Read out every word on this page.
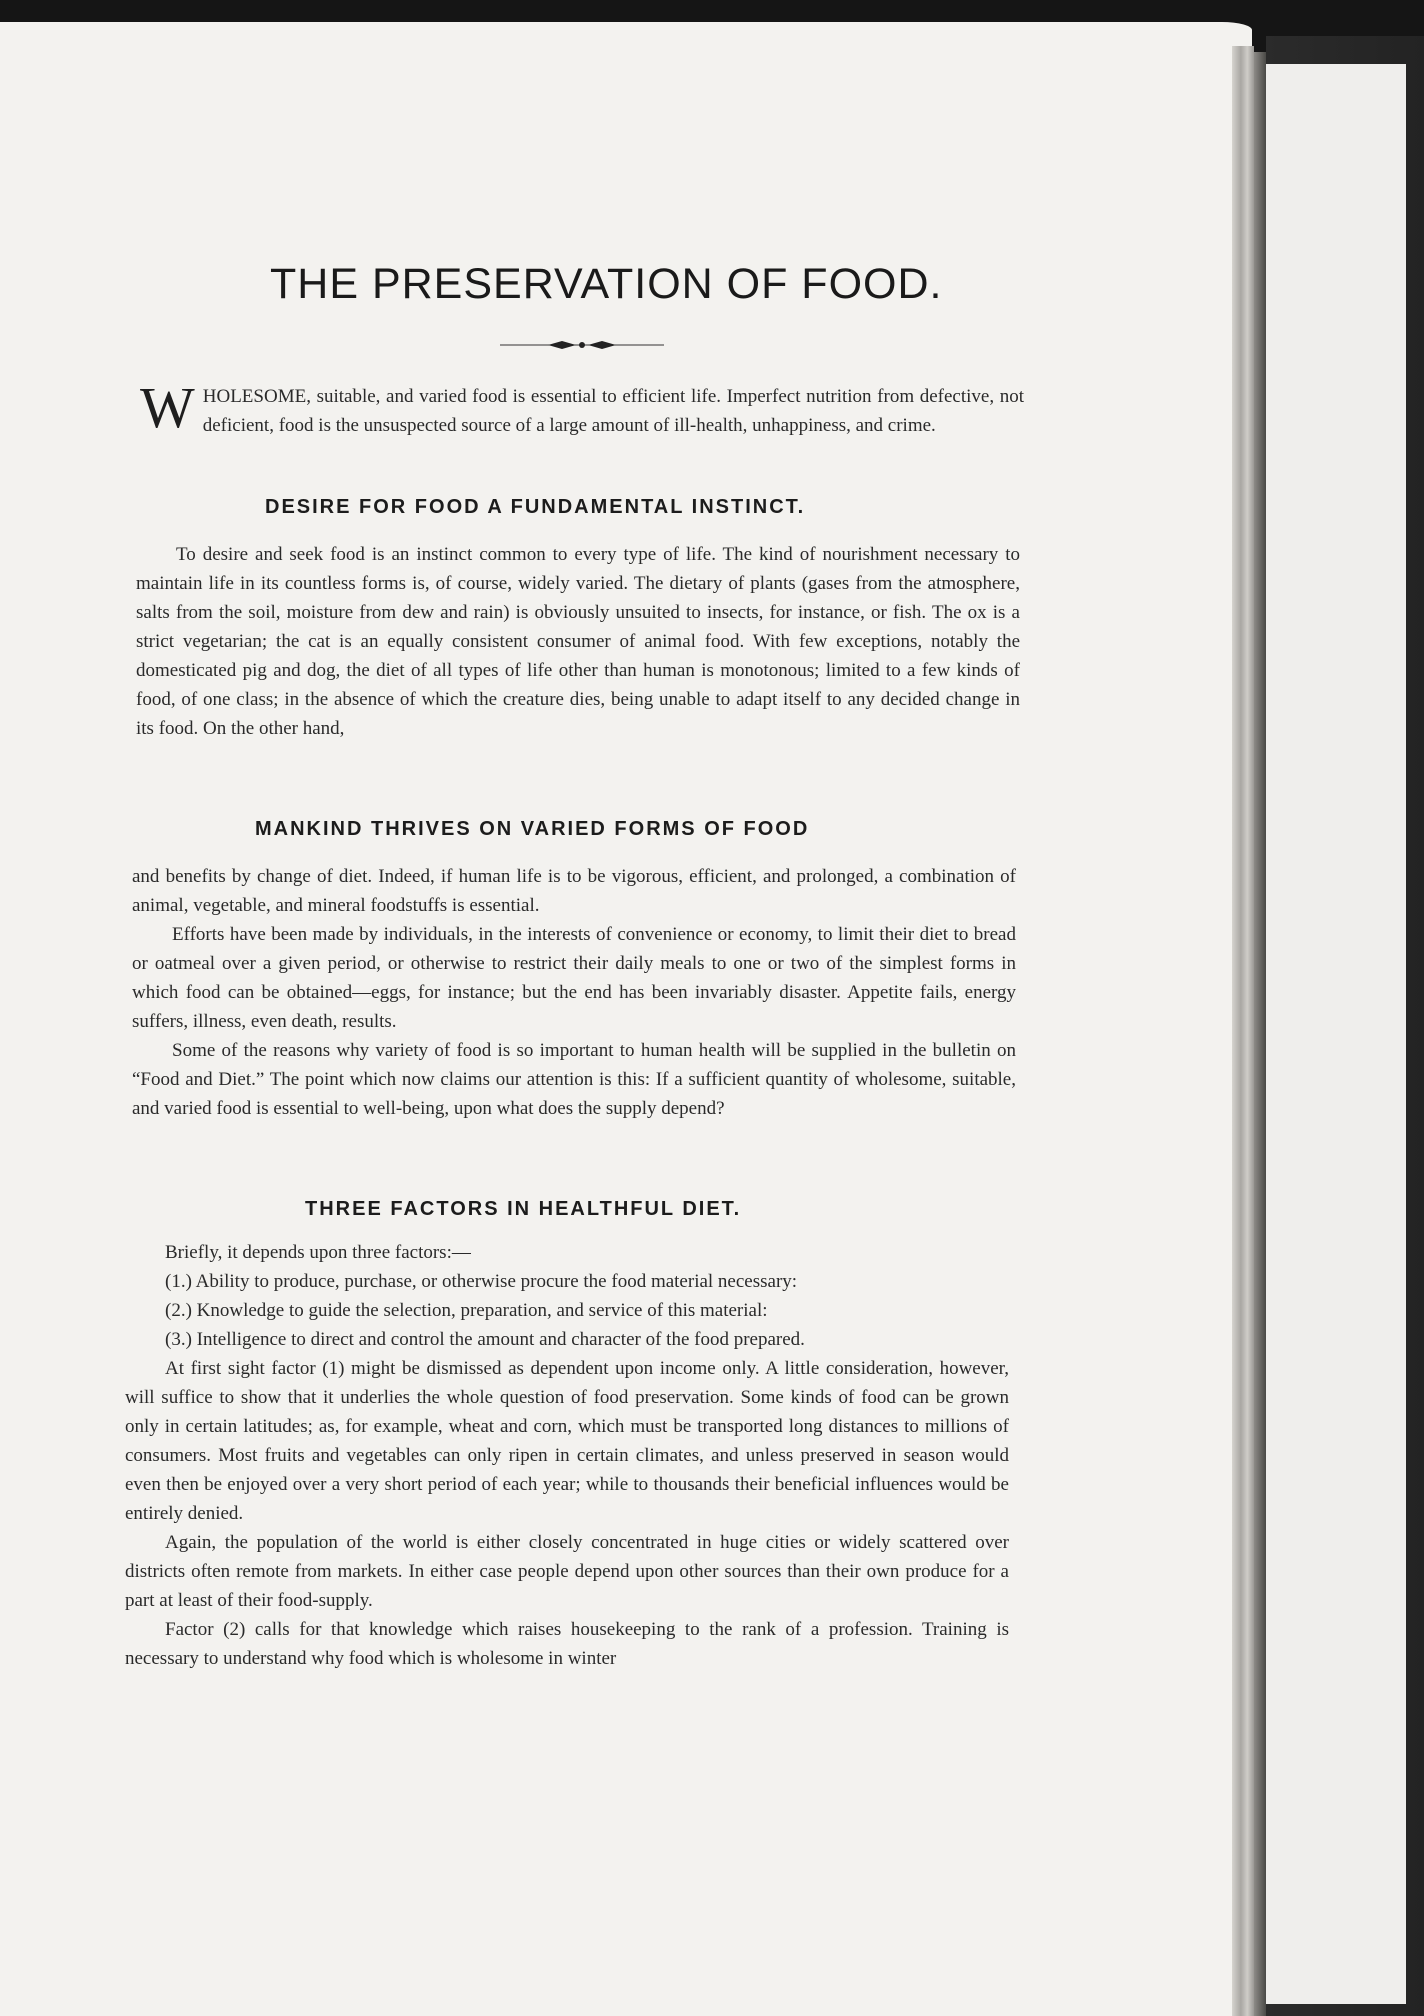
THE PRESERVATION OF FOOD.

WHOLESOME, suitable, and varied food is essential to efficient life. Imperfect nutrition from defective, not deficient, food is the unsuspected source of a large amount of ill-health, unhappiness, and crime.

DESIRE FOR FOOD A FUNDAMENTAL INSTINCT.

To desire and seek food is an instinct common to every type of life. The kind of nourishment necessary to maintain life in its countless forms is, of course, widely varied. The dietary of plants (gases from the atmosphere, salts from the soil, moisture from dew and rain) is obviously unsuited to insects, for instance, or fish. The ox is a strict vegetarian; the cat is an equally consistent consumer of animal food. With few exceptions, notably the domesticated pig and dog, the diet of all types of life other than human is monotonous; limited to a few kinds of food, of one class; in the absence of which the creature dies, being unable to adapt itself to any decided change in its food. On the other hand,

MANKIND THRIVES ON VARIED FORMS OF FOOD

and benefits by change of diet. Indeed, if human life is to be vigorous, efficient, and prolonged, a combination of animal, vegetable, and mineral foodstuffs is essential.

Efforts have been made by individuals, in the interests of convenience or economy, to limit their diet to bread or oatmeal over a given period, or otherwise to restrict their daily meals to one or two of the simplest forms in which food can be obtained—eggs, for instance; but the end has been invariably disaster. Appetite fails, energy suffers, illness, even death, results.

Some of the reasons why variety of food is so important to human health will be supplied in the bulletin on “Food and Diet.” The point which now claims our attention is this: If a sufficient quantity of wholesome, suitable, and varied food is essential to well-being, upon what does the supply depend?

THREE FACTORS IN HEALTHFUL DIET.

Briefly, it depends upon three factors:—

(1.) Ability to produce, purchase, or otherwise procure the food material necessary:

(2.) Knowledge to guide the selection, preparation, and service of this material:

(3.) Intelligence to direct and control the amount and character of the food prepared.

At first sight factor (1) might be dismissed as dependent upon income only. A little consideration, however, will suffice to show that it underlies the whole question of food preservation. Some kinds of food can be grown only in certain latitudes; as, for example, wheat and corn, which must be transported long distances to millions of consumers. Most fruits and vegetables can only ripen in certain climates, and unless preserved in season would even then be enjoyed over a very short period of each year; while to thousands their beneficial influences would be entirely denied.

Again, the population of the world is either closely concentrated in huge cities or widely scattered over districts often remote from markets. In either case people depend upon other sources than their own produce for a part at least of their food-supply.

Factor (2) calls for that knowledge which raises housekeeping to the rank of a profession. Training is necessary to understand why food which is wholesome in winter
